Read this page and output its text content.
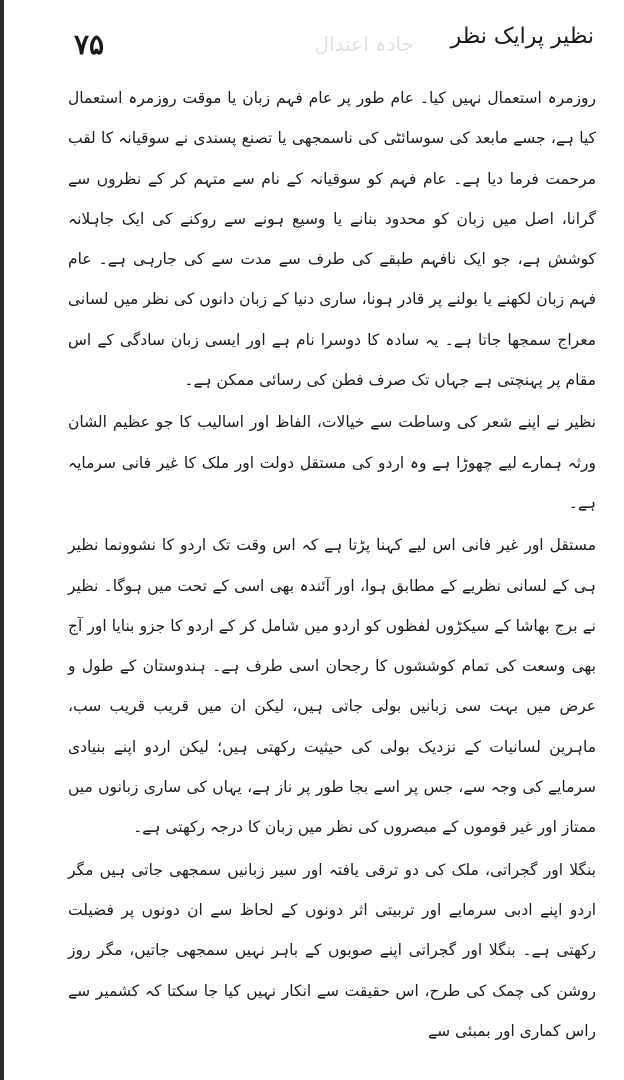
۷۵	جادہ اعتدال نظیر پرایک نظر

روزمرہ استعمال نہیں کیا۔ عام طور پر عام فہم زبان یا موقت روزمرہ استعمال کیا ہے، جسے مابعد کی سوسائٹی کی ناسمجھی یا تصنع پسندی نے سوقیانہ کا لقب مرحمت فرما دیا ہے۔ عام فہم کو سوقیانہ کے نام سے متہم کر کے نظروں سے گرانا، اصل میں زبان کو محدود بنانے یا وسیع ہونے سے روکنے کی ایک جاہلانہ کوشش ہے، جو ایک نافہم طبقے کی طرف سے مدت سے کی جارہی ہے۔ عام فہم زبان لکھنے یا بولنے پر قادر ہونا، ساری دنیا کے زبان دانوں کی نظر میں لسانی معراج سمجھا جاتا ہے۔ یہ سادہ کا دوسرا نام ہے اور ایسی زبان سادگی کے اس مقام پر پہنچتی ہے جہاں تک صرف فطن کی رسائی ممکن ہے۔

نظیر نے اپنے شعر کی وساطت سے خیالات، الفاظ اور اسالیب کا جو عظیم الشان ورثہ ہمارے لیے چھوڑا ہے وہ اردو کی مستقل دولت اور ملک کا غیر فانی سرمایہ ہے۔

مستقل اور غیر فانی اس لیے کہنا پڑتا ہے کہ اس وقت تک اردو کا نشوونما نظیر ہی کے لسانی نظریے کے مطابق ہوا، اور آئندہ بھی اسی کے تحت میں ہوگا۔ نظیر نے برج بھاشا کے سیکڑوں لفظوں کو اردو میں شامل کر کے اردو کا جزو بنایا اور آج بھی وسعت کی تمام کوششوں کا رجحان اسی طرف ہے۔ ہندوستان کے طول و عرض میں بہت سی زبانیں بولی جاتی ہیں، لیکن ان میں قریب قریب سب، ماہرین لسانیات کے نزدیک بولی کی حیثیت رکھتی ہیں؛ لیکن اردو اپنے بنیادی سرمایے کی وجہ سے، جس پر اسے بجا طور پر ناز ہے، یہاں کی ساری زبانوں میں ممتاز اور غیر قوموں کے مبصروں کی نظر میں زبان کا درجہ رکھتی ہے۔

بنگلا اور گجراتی، ملک کی دو ترقی یافتہ اور سیر زبانیں سمجھی جاتی ہیں مگر اردو اپنے ادبی سرمایے اور تربیتی اثر دونوں کے لحاظ سے ان دونوں پر فضیلت رکھتی ہے۔ بنگلا اور گجراتی اپنے صوبوں کے باہر نہیں سمجھی جاتیں، مگر روز روشن کی چمک کی طرح، اس حقیقت سے انکار نہیں کیا جا سکتا کہ کشمیر سے راس کماری اور بمبئی سے
